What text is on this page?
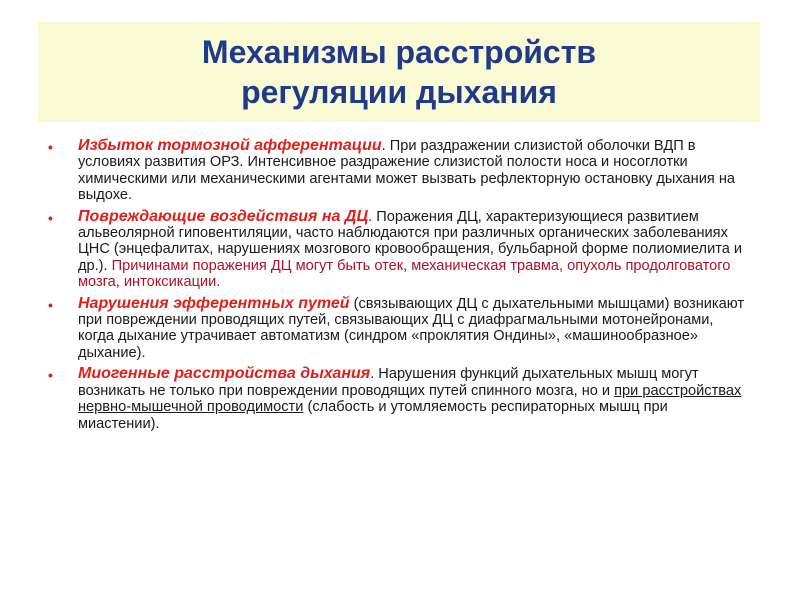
Механизмы расстройств
регуляции дыхания
• Избыток тормозной афферентации. При раздражении слизистой оболочки ВДП в условиях развития ОРЗ. Интенсивное раздражение слизистой полости носа и носоглотки химическими или механическими агентами может вызвать рефлекторную остановку дыхания на выдохе.
• Повреждающие воздействия на ДЦ. Поражения ДЦ, характеризующиеся развитием альвеолярной гиповентиляции, часто наблюдаются при различных органических заболеваниях ЦНС (энцефалитах, нарушениях мозгового кровообращения, бульбарной форме полиомиелита и др.). Причинами поражения ДЦ могут быть отек, механическая травма, опухоль продолговатого мозга, интоксикации.
• Нарушения эфферентных путей (связывающих ДЦ с дыхательными мышцами) возникают при повреждении проводящих путей, связывающих ДЦ с диафрагмальными мотонейронами, когда дыхание утрачивает автоматизм (синдром «проклятия Ондины», «машинообразное» дыхание).
• Миогенные расстройства дыхания. Нарушения функций дыхательных мышц могут возникать не только при повреждении проводящих путей спинного мозга, но и при расстройствах нервно-мышечной проводимости (слабость и утомляемость респираторных мышц при миастении).
